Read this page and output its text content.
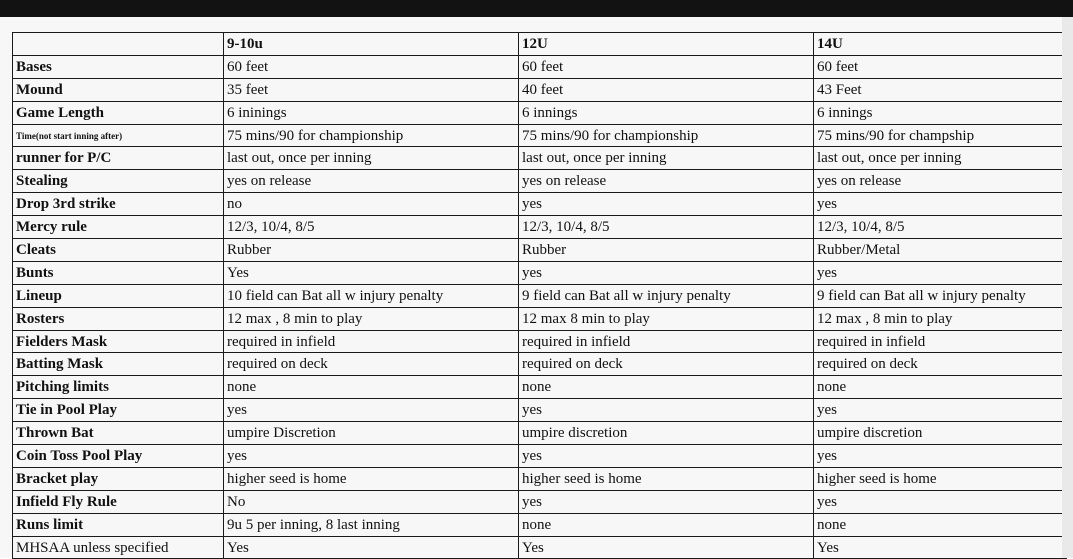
	9-10u	12U	14U
Bases	60 feet	60 feet	60 feet
Mound	35 feet	40 feet	43 Feet
Game Length	6 ininings	6 innings	6 innings
Time(not start inning after)	75 mins/90 for championship	75 mins/90 for championship	75 mins/90 for champship
runner for P/C	last out, once per inning	last out, once per inning	last out, once per inning
Stealing	yes on release	yes on release	yes on release
Drop 3rd strike	no	yes	yes
Mercy rule	12/3, 10/4, 8/5	12/3, 10/4, 8/5	12/3, 10/4, 8/5
Cleats	Rubber	Rubber	Rubber/Metal
Bunts	Yes	yes	yes
Lineup	10 field can Bat all w injury penalty	9 field can Bat all w injury penalty	9 field can Bat all w injury penalty
Rosters	12 max , 8 min to play	12 max 8 min to play	12 max , 8 min to play
Fielders Mask	required in infield	required in infield	required in infield
Batting Mask	required on deck	required on deck	required on deck
Pitching limits	none	none	none
Tie in Pool Play	yes	yes	yes
Thrown Bat	umpire Discretion	umpire discretion	umpire discretion
Coin Toss Pool Play	yes	yes	yes
Bracket play	higher seed is home	higher seed is home	higher seed is home
Infield Fly Rule	No	yes	yes
Runs limit	9u 5 per inning, 8 last inning	none	none
MHSAA unless specified	Yes	Yes	Yes
